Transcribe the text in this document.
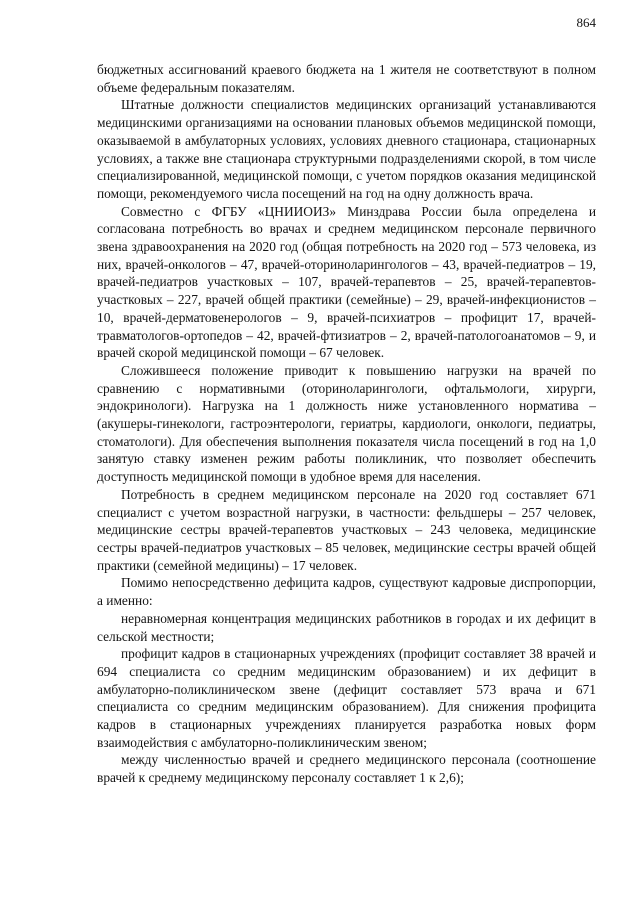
864

бюджетных ассигнований краевого бюджета на 1 жителя не соответствуют в полном объеме федеральным показателям.

Штатные должности специалистов медицинских организаций устанавливаются медицинскими организациями на основании плановых объемов медицинской помощи, оказываемой в амбулаторных условиях, условиях дневного стационара, стационарных условиях, а также вне стационара структурными подразделениями скорой, в том числе специализированной, медицинской помощи, с учетом порядков оказания медицинской помощи, рекомендуемого числа посещений на год на одну должность врача.

Совместно с ФГБУ «ЦНИИОИЗ» Минздрава России была определена и согласована потребность во врачах и среднем медицинском персонале первичного звена здравоохранения на 2020 год (общая потребность на 2020 год – 573 человека, из них, врачей-онкологов – 47, врачей-оториноларингологов – 43, врачей-педиатров – 19, врачей-педиатров участковых – 107, врачей-терапевтов – 25, врачей-терапевтов-участковых – 227, врачей общей практики (семейные) – 29, врачей-инфекционистов – 10, врачей-дерматовенерологов – 9, врачей-психиатров – профицит 17, врачей-травматологов-ортопедов – 42, врачей-фтизиатров – 2, врачей-патологоанатомов – 9, и врачей скорой медицинской помощи – 67 человек.

Сложившееся положение приводит к повышению нагрузки на врачей по сравнению с нормативными (оториноларингологи, офтальмологи, хирурги, эндокринологи). Нагрузка на 1 должность ниже установленного норматива – (акушеры-гинекологи, гастроэнтерологи, гериатры, кардиологи, онкологи, педиатры, стоматологи). Для обеспечения выполнения показателя числа посещений в год на 1,0 занятую ставку изменен режим работы поликлиник, что позволяет обеспечить доступность медицинской помощи в удобное время для населения.

Потребность в среднем медицинском персонале на 2020 год составляет 671 специалист с учетом возрастной нагрузки, в частности: фельдшеры – 257 человек, медицинские сестры врачей-терапевтов участковых – 243 человека, медицинские сестры врачей-педиатров участковых – 85 человек, медицинские сестры врачей общей практики (семейной медицины) – 17 человек.

Помимо непосредственно дефицита кадров, существуют кадровые диспропорции, а именно:

неравномерная концентрация медицинских работников в городах и их дефицит в сельской местности;

профицит кадров в стационарных учреждениях (профицит составляет 38 врачей и 694 специалиста со средним медицинским образованием) и их дефицит в амбулаторно-поликлиническом звене (дефицит составляет 573 врача и 671 специалиста со средним медицинским образованием). Для снижения профицита кадров в стационарных учреждениях планируется разработка новых форм взаимодействия с амбулаторно-поликлиническим звеном;

между численностью врачей и среднего медицинского персонала (соотношение врачей к среднему медицинскому персоналу составляет 1 к 2,6);
